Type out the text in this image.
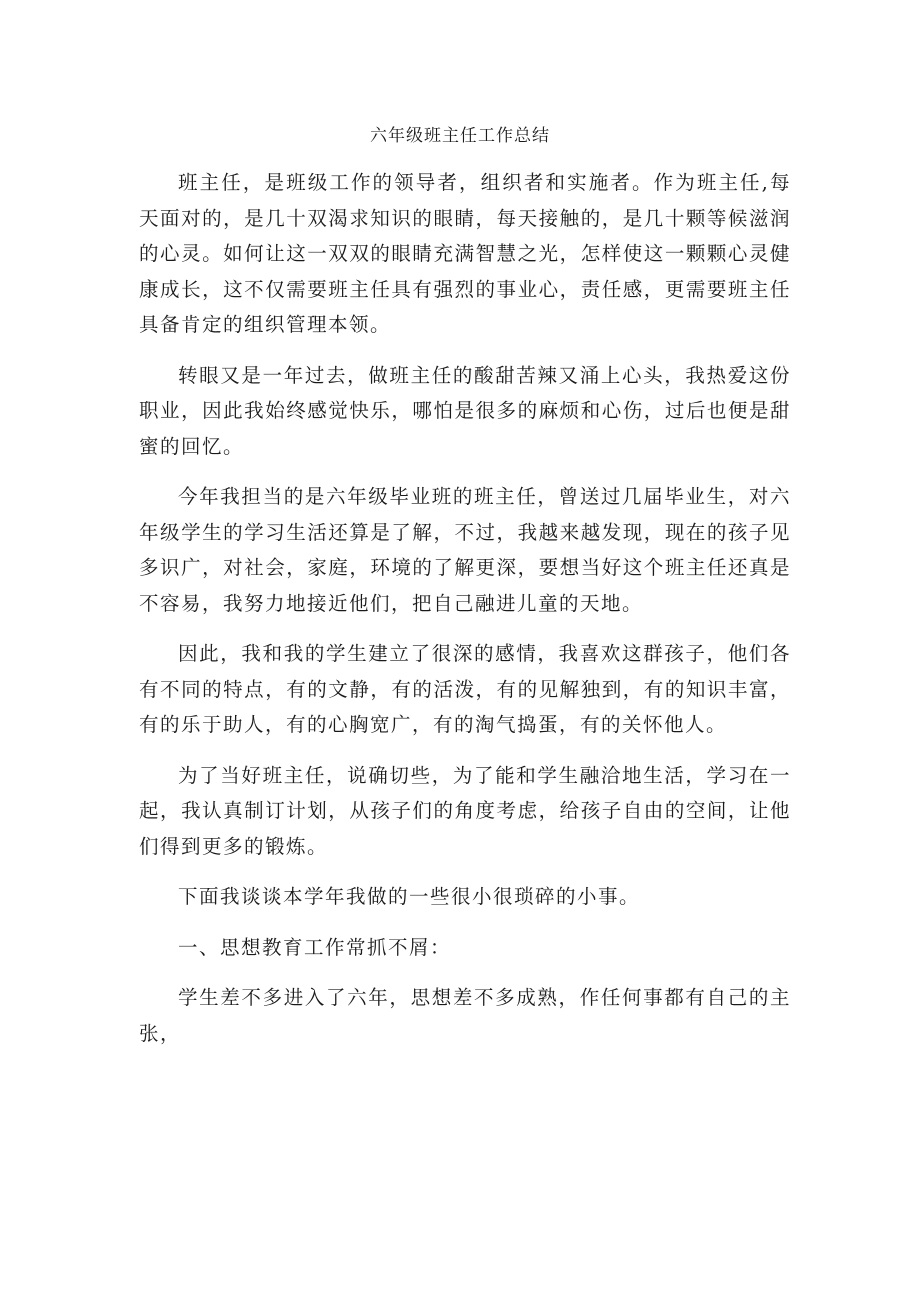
六年级班主任工作总结

班主任，是班级工作的领导者，组织者和实施者。作为班主任,每天面对的，是几十双渴求知识的眼睛，每天接触的，是几十颗等候滋润的心灵。如何让这一双双的眼睛充满智慧之光，怎样使这一颗颗心灵健康成长，这不仅需要班主任具有强烈的事业心，责任感，更需要班主任具备肯定的组织管理本领。

转眼又是一年过去，做班主任的酸甜苦辣又涌上心头，我热爱这份职业，因此我始终感觉快乐，哪怕是很多的麻烦和心伤，过后也便是甜蜜的回忆。

今年我担当的是六年级毕业班的班主任，曾送过几届毕业生，对六年级学生的学习生活还算是了解，不过，我越来越发现，现在的孩子见多识广，对社会，家庭，环境的了解更深，要想当好这个班主任还真是不容易，我努力地接近他们，把自己融进儿童的天地。

因此，我和我的学生建立了很深的感情，我喜欢这群孩子，他们各有不同的特点，有的文静，有的活泼，有的见解独到，有的知识丰富，有的乐于助人，有的心胸宽广，有的淘气捣蛋，有的关怀他人。

为了当好班主任，说确切些，为了能和学生融洽地生活，学习在一起，我认真制订计划，从孩子们的角度考虑，给孩子自由的空间，让他们得到更多的锻炼。

下面我谈谈本学年我做的一些很小很琐碎的小事。

一、思想教育工作常抓不屑：

学生差不多进入了六年，思想差不多成熟，作任何事都有自己的主张，
